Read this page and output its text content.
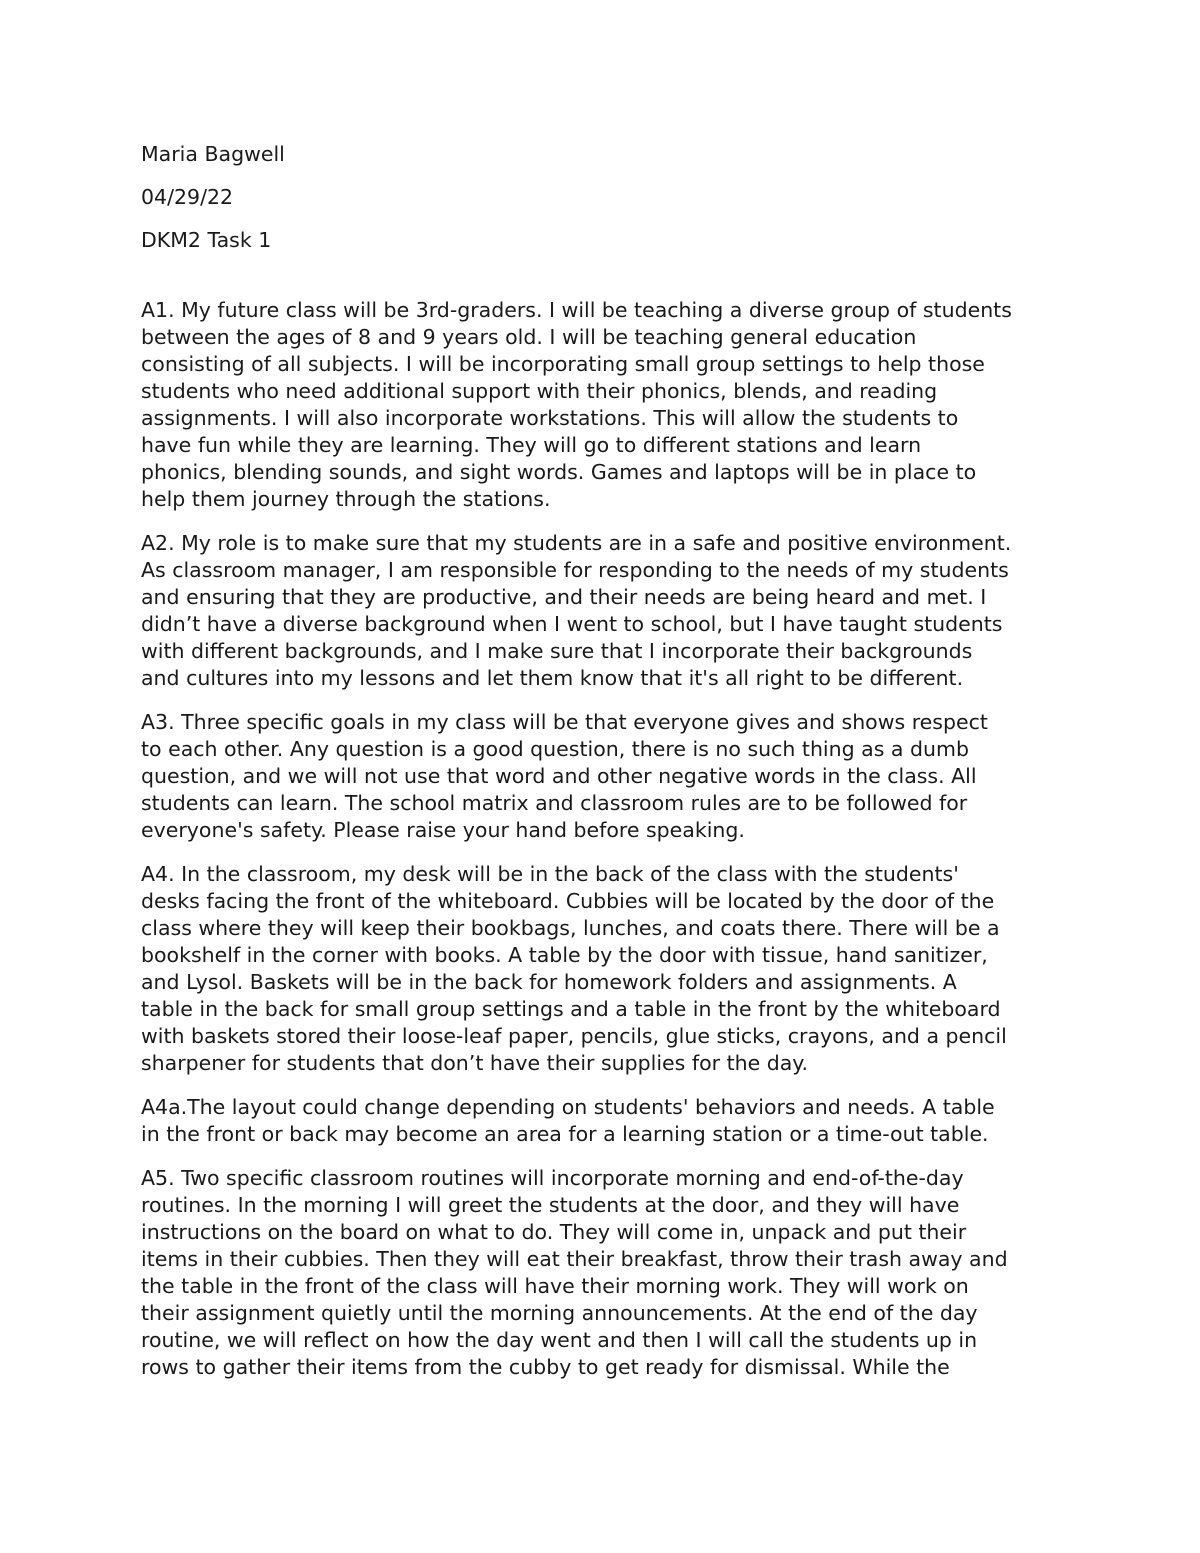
Maria Bagwell
04/29/22
DKM2 Task 1
A1. My future class will be 3rd-graders. I will be teaching a diverse group of students
between the ages of 8 and 9 years old. I will be teaching general education
consisting of all subjects. I will be incorporating small group settings to help those
students who need additional support with their phonics, blends, and reading
assignments. I will also incorporate workstations. This will allow the students to
have fun while they are learning. They will go to different stations and learn
phonics, blending sounds, and sight words. Games and laptops will be in place to
help them journey through the stations.
A2. My role is to make sure that my students are in a safe and positive environment.
As classroom manager, I am responsible for responding to the needs of my students
and ensuring that they are productive, and their needs are being heard and met. I
didn’t have a diverse background when I went to school, but I have taught students
with different backgrounds, and I make sure that I incorporate their backgrounds
and cultures into my lessons and let them know that it's all right to be different.
A3. Three specific goals in my class will be that everyone gives and shows respect
to each other. Any question is a good question, there is no such thing as a dumb
question, and we will not use that word and other negative words in the class. All
students can learn. The school matrix and classroom rules are to be followed for
everyone's safety. Please raise your hand before speaking.
A4. In the classroom, my desk will be in the back of the class with the students'
desks facing the front of the whiteboard. Cubbies will be located by the door of the
class where they will keep their bookbags, lunches, and coats there. There will be a
bookshelf in the corner with books. A table by the door with tissue, hand sanitizer,
and Lysol. Baskets will be in the back for homework folders and assignments. A
table in the back for small group settings and a table in the front by the whiteboard
with baskets stored their loose-leaf paper, pencils, glue sticks, crayons, and a pencil
sharpener for students that don’t have their supplies for the day.
A4a.The layout could change depending on students' behaviors and needs. A table
in the front or back may become an area for a learning station or a time-out table.
A5. Two specific classroom routines will incorporate morning and end-of-the-day
routines. In the morning I will greet the students at the door, and they will have
instructions on the board on what to do. They will come in, unpack and put their
items in their cubbies. Then they will eat their breakfast, throw their trash away and
the table in the front of the class will have their morning work. They will work on
their assignment quietly until the morning announcements. At the end of the day
routine, we will reflect on how the day went and then I will call the students up in
rows to gather their items from the cubby to get ready for dismissal. While the
